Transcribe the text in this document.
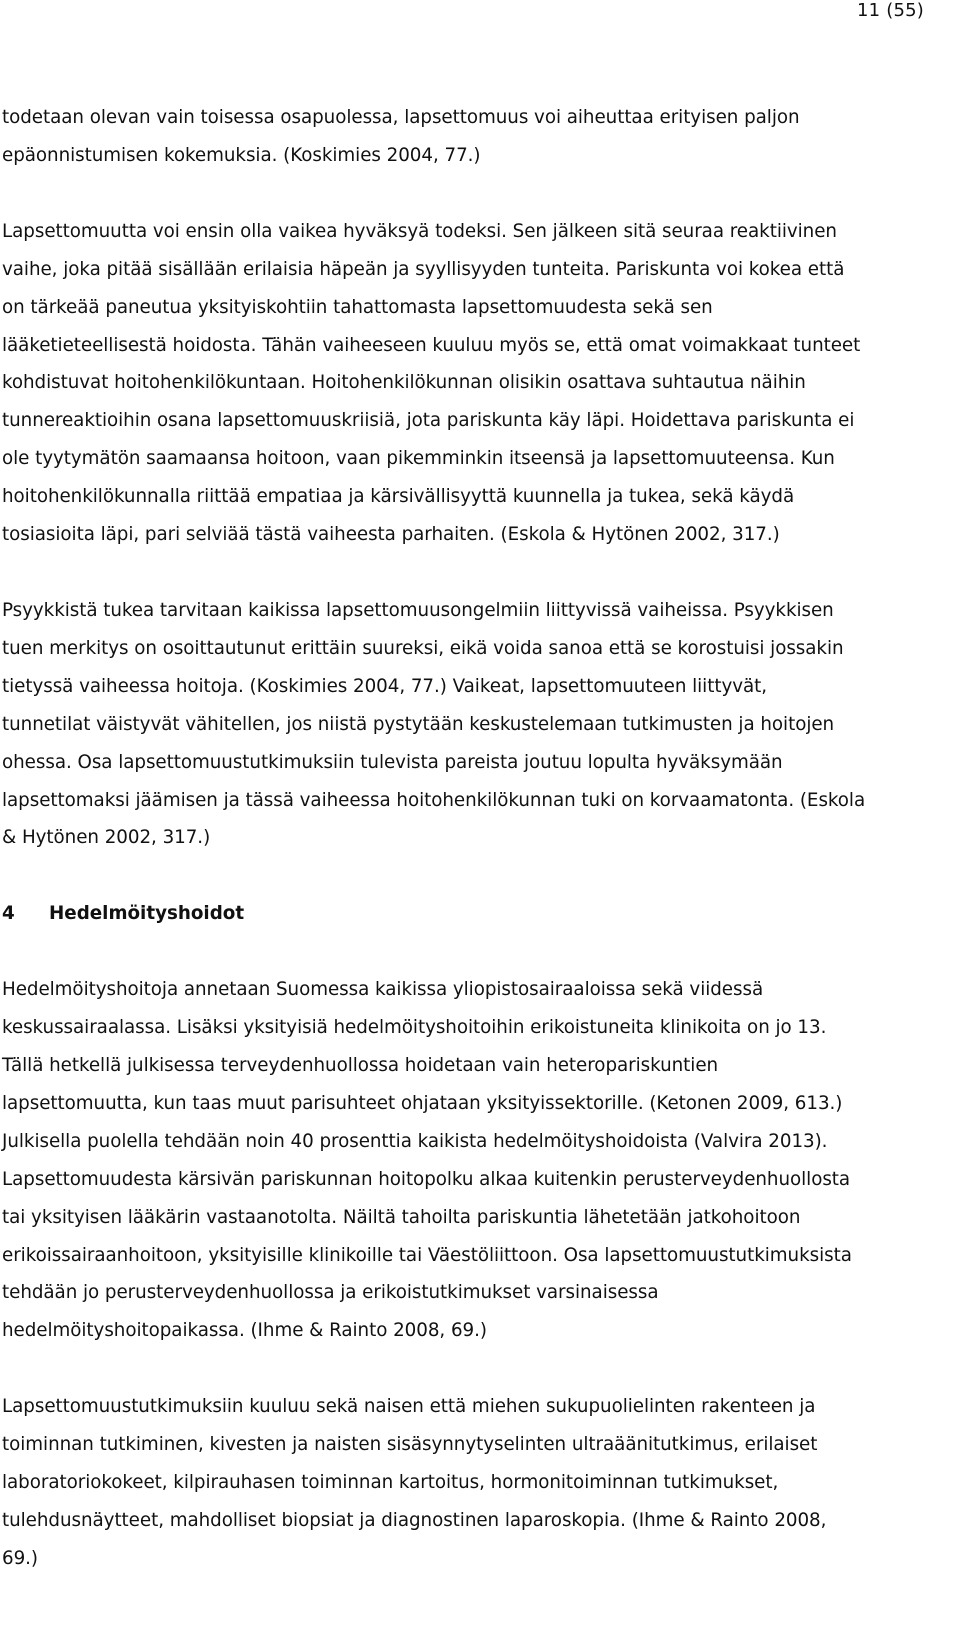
11 (55)

todetaan olevan vain toisessa osapuolessa, lapsettomuus voi aiheuttaa erityisen paljon
epäonnistumisen kokemuksia. (Koskimies 2004, 77.)

Lapsettomuutta voi ensin olla vaikea hyväksyä todeksi. Sen jälkeen sitä seuraa reaktiivinen
vaihe, joka pitää sisällään erilaisia häpeän ja syyllisyyden tunteita. Pariskunta voi kokea että
on tärkeää paneutua yksityiskohtiin tahattomasta lapsettomuudesta sekä sen
lääketieteellisestä hoidosta. Tähän vaiheeseen kuuluu myös se, että omat voimakkaat tunteet
kohdistuvat hoitohenkilökuntaan. Hoitohenkilökunnan olisikin osattava suhtautua näihin
tunnereaktioihin osana lapsettomuuskriisiä, jota pariskunta käy läpi. Hoidettava pariskunta ei
ole tyytymätön saamaansa hoitoon, vaan pikemminkin itseensä ja lapsettomuuteensa. Kun
hoitohenkilökunnalla riittää empatiaa ja kärsivällisyyttä kuunnella ja tukea, sekä käydä
tosiasioita läpi, pari selviää tästä vaiheesta parhaiten. (Eskola & Hytönen 2002, 317.)

Psyykkistä tukea tarvitaan kaikissa lapsettomuusongelmiin liittyvissä vaiheissa. Psyykkisen
tuen merkitys on osoittautunut erittäin suureksi, eikä voida sanoa että se korostuisi jossakin
tietyssä vaiheessa hoitoja. (Koskimies 2004, 77.) Vaikeat, lapsettomuuteen liittyvät,
tunnetilat väistyvät vähitellen, jos niistä pystytään keskustelemaan tutkimusten ja hoitojen
ohessa. Osa lapsettomuustutkimuksiin tulevista pareista joutuu lopulta hyväksymään
lapsettomaksi jäämisen ja tässä vaiheessa hoitohenkilökunnan tuki on korvaamatonta. (Eskola
& Hytönen 2002, 317.)

4 Hedelmöityshoidot

Hedelmöityshoitoja annetaan Suomessa kaikissa yliopistosairaaloissa sekä viidessä
keskussairaalassa. Lisäksi yksityisiä hedelmöityshoitoihin erikoistuneita klinikoita on jo 13.
Tällä hetkellä julkisessa terveydenhuollossa hoidetaan vain heteropariskuntien
lapsettomuutta, kun taas muut parisuhteet ohjataan yksityissektorille. (Ketonen 2009, 613.)
Julkisella puolella tehdään noin 40 prosenttia kaikista hedelmöityshoidoista (Valvira 2013).
Lapsettomuudesta kärsivän pariskunnan hoitopolku alkaa kuitenkin perusterveydenhuollosta
tai yksityisen lääkärin vastaanotolta. Näiltä tahoilta pariskuntia lähetetään jatkohoitoon
erikoissairaanhoitoon, yksityisille klinikoille tai Väestöliittoon. Osa lapsettomuustutkimuksista
tehdään jo perusterveydenhuollossa ja erikoistutkimukset varsinaisessa
hedelmöityshoitopaikassa. (Ihme & Rainto 2008, 69.)

Lapsettomuustutkimuksiin kuuluu sekä naisen että miehen sukupuolielinten rakenteen ja
toiminnan tutkiminen, kivesten ja naisten sisäsynnytyselinten ultraäänitutkimus, erilaiset
laboratoriokokeet, kilpirauhasen toiminnan kartoitus, hormonitoiminnan tutkimukset,
tulehdusnäytteet, mahdolliset biopsiat ja diagnostinen laparoskopia. (Ihme & Rainto 2008,
69.)
